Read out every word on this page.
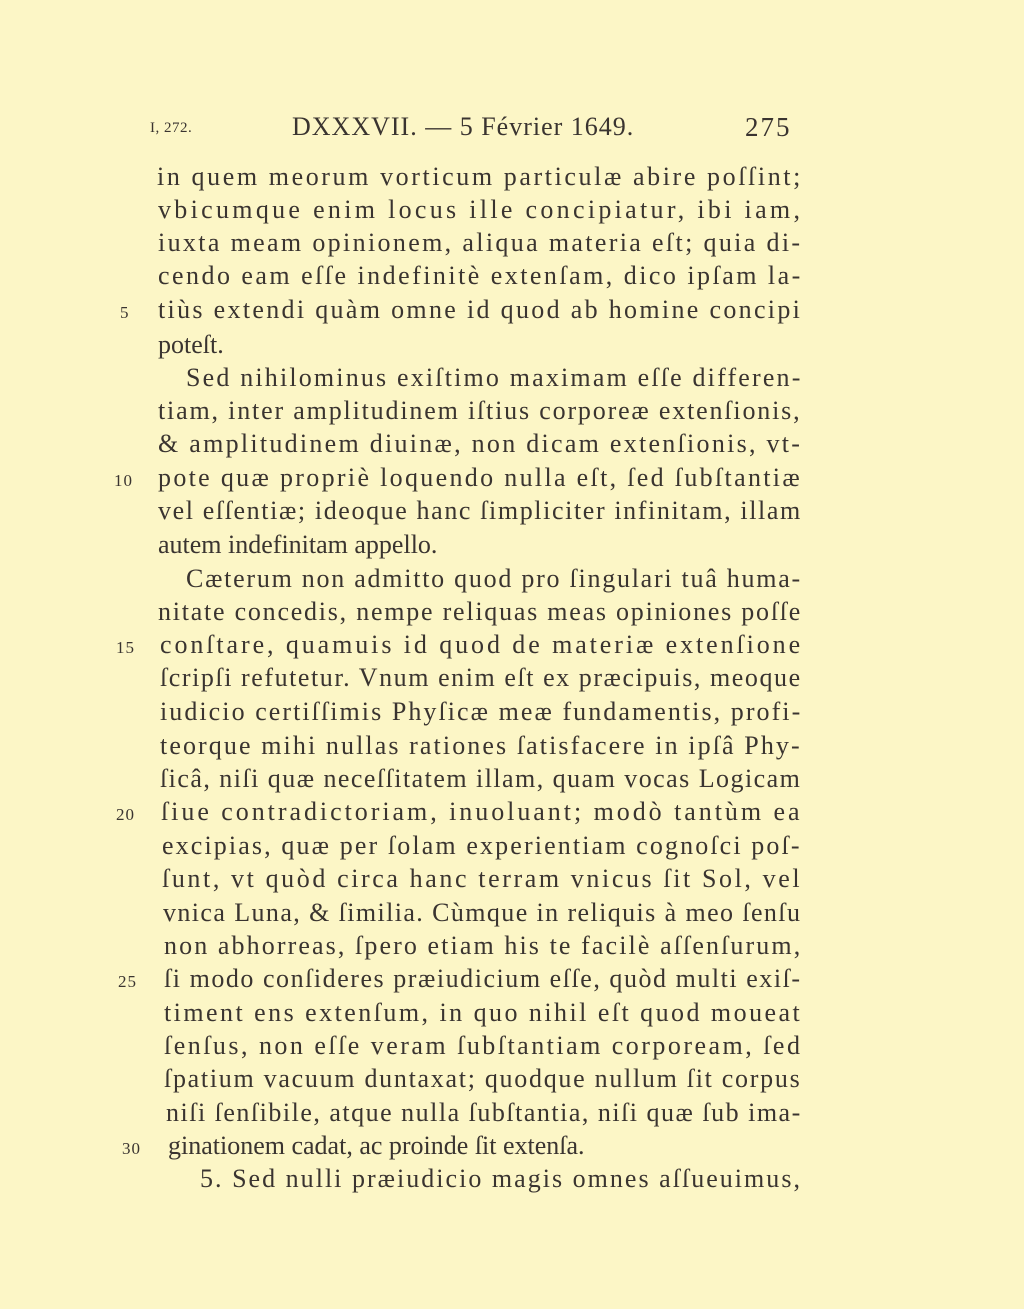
I, 272.	DXXXVII. — 5 Février 1649.	275
in quem meorum vorticum particulæ abire poſſint;
vbicumque enim locus ille concipiatur, ibi iam,
iuxta meam opinionem, aliqua materia eſt; quia di-
cendo eam eſſe indefinitè extenſam, dico ipſam la-
tiùs extendi quàm omne id quod ab homine concipi
poteſt.
Sed nihilominus exiſtimo maximam eſſe differen-
tiam, inter amplitudinem iſtius corporeæ extenſionis,
& amplitudinem diuinæ, non dicam extenſionis, vt-
pote quæ propriè loquendo nulla eſt, ſed ſubſtantiæ
vel eſſentiæ; ideoque hanc ſimpliciter infinitam, illam
autem indefinitam appello.
Cæterum non admitto quod pro ſingulari tuâ huma-
nitate concedis, nempe reliquas meas opiniones poſſe
conſtare, quamuis id quod de materiæ extenſione
ſcripſi refutetur. Vnum enim eſt ex præcipuis, meoque
iudicio certiſſimis Phyſicæ meæ fundamentis, profi-
teorque mihi nullas rationes ſatisfacere in ipſâ Phy-
ſicâ, niſi quæ neceſſitatem illam, quam vocas Logicam
ſiue contradictoriam, inuoluant; modò tantùm ea
excipias, quæ per ſolam experientiam cognoſci poſ-
ſunt, vt quòd circa hanc terram vnicus ſit Sol, vel
vnica Luna, & ſimilia. Cùmque in reliquis à meo ſenſu
non abhorreas, ſpero etiam his te facilè aſſenſurum,
ſi modo conſideres præiudicium eſſe, quòd multi exiſ-
timent ens extenſum, in quo nihil eſt quod moueat
ſenſus, non eſſe veram ſubſtantiam corpoream, ſed
ſpatium vacuum duntaxat; quodque nullum ſit corpus
niſi ſenſibile, atque nulla ſubſtantia, niſi quæ ſub ima-
ginationem cadat, ac proinde ſit extenſa.
5. Sed nulli præiudicio magis omnes aſſueuimus,
5
10
15
20
25
30
